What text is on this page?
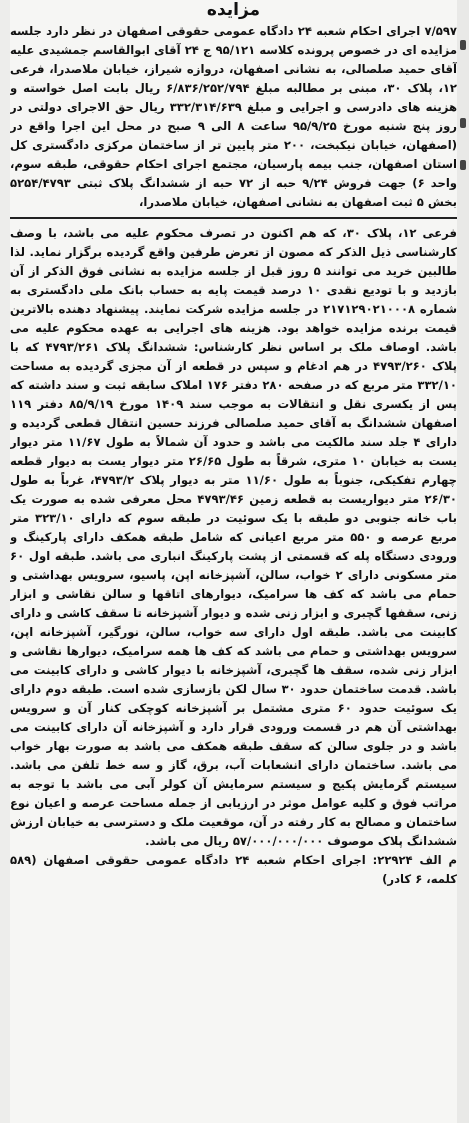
مزایده

۷/۵۹۷ اجرای احکام شعبه ۲۴ دادگاه عمومی حقوقی اصفهان در نظر دارد جلسه مزایده ای در خصوص پرونده کلاسه ۹۵/۱۲۱ ج ۲۴ آقای ابوالقاسم جمشیدی علیه آقای حمید صلصالی، به نشانی اصفهان، دروازه شیراز، خیابان ملاصدرا، فرعی ۱۲، پلاک ۳۰، مبنی بر مطالبه مبلغ ۶/۸۳۶/۲۵۲/۷۹۴ ریال بابت اصل خواسته و هزینه های دادرسی و اجرایی و مبلغ ۳۳۲/۳۱۴/۶۳۹ ریال حق الاجرای دولتی در روز پنج شنبه مورخ ۹۵/۹/۲۵ ساعت ۸ الی ۹ صبح در محل این اجرا واقع در (اصفهان، خیابان نیکبخت، ۲۰۰ متر پایین تر از ساختمان مرکزی دادگستری کل استان اصفهان، جنب بیمه پارسیان، مجتمع اجرای احکام حقوقی، طبقه سوم، واحد ۶) جهت فروش ۹/۲۴ حبه از ۷۲ حبه از ششدانگ پلاک ثبتی ۵۲۵۴/۴۷۹۳ بخش ۵ ثبت اصفهان به نشانی اصفهان، خیابان ملاصدرا،

فرعی ۱۲، پلاک ۳۰، که هم اکنون در تصرف محکوم علیه می باشد، با وصف کارشناسی ذیل الذکر که مصون از تعرض طرفین واقع گردیده برگزار نماید. لذا طالبین خرید می توانند ۵ روز قبل از جلسه مزایده به نشانی فوق الذکر از آن بازدید و با تودیع نقدی ۱۰ درصد قیمت پایه به حساب بانک ملی دادگستری به شماره ۲۱۷۱۲۹۰۲۱۰۰۰۸ در جلسه مزایده شرکت نمایند. پیشنهاد دهنده بالاترین قیمت برنده مزایده خواهد بود. هزینه های اجرایی به عهده محکوم علیه می باشد. اوصاف ملک بر اساس نظر کارشناس: ششدانگ پلاک ۴۷۹۳/۲۶۱ که با پلاک ۴۷۹۳/۲۶۰ در هم ادغام و سپس در قطعه از آن مجزی گردیده به مساحت ۳۳۲/۱۰ متر مربع که در صفحه ۲۸۰ دفتر ۱۷۶ املاک سابقه ثبت و سند داشته که پس از یکسری نقل و انتقالات به موجب سند ۱۴۰۹ مورخ ۸۵/۹/۱۹ دفتر ۱۱۹ اصفهان ششدانگ به آقای حمید صلصالی فرزند حسین انتقال قطعی گردیده و دارای ۴ جلد سند مالکیت می باشد و حدود آن شمالاً به طول ۱۱/۶۷ متر دیوار یست به خیابان ۱۰ متری، شرقاً به طول ۲۶/۶۵ متر دیوار یست به دیوار قطعه چهارم تفکیکی، جنوباً به طول ۱۱/۶۰ متر به دیوار پلاک ۴۷۹۳/۲، غرباً به طول ۲۶/۳۰ متر دیواریست به قطعه زمین ۴۷۹۳/۴۶ محل معرفی شده به صورت یک باب خانه جنوبی دو طبقه با یک سوئیت در طبقه سوم که دارای ۳۲۳/۱۰ متر مربع عرصه و ۵۵۰ متر مربع اعیانی که شامل طبقه همکف دارای پارکینگ و ورودی دستگاه پله که قسمتی از پشت پارکینگ انباری می باشد. طبقه اول ۶۰ متر مسکونی دارای ۲ خواب، سالن، آشپزخانه اپن، پاسیو، سرویس بهداشتی و حمام می باشد که کف ها سرامیک، دیوارهای اتاقها و سالن نقاشی و ابزار زنی، سقفها گچبری و ابزار زنی شده و دیوار آشپزخانه تا سقف کاشی و دارای کابینت می باشد. طبقه اول دارای سه خواب، سالن، نورگیر، آشپزخانه اپن، سرویس بهداشتی و حمام می باشد که کف ها همه سرامیک، دیوارها نقاشی و ابزار زنی شده، سقف ها گچبری، آشپزخانه با دیوار کاشی و دارای کابینت می باشد. قدمت ساختمان حدود ۳۰ سال لکن بازسازی شده است. طبقه دوم دارای یک سوئیت حدود ۶۰ متری مشتمل بر آشپزخانه کوچکی کنار آن و سرویس بهداشتی آن هم در قسمت ورودی قرار دارد و آشپزخانه آن دارای کابینت می باشد و در جلوی سالن که سقف طبقه همکف می باشد به صورت بهار خواب می باشد. ساختمان دارای انشعابات آب، برق، گاز و سه خط تلفن می باشد. سیستم گرمایش پکیج و سیستم سرمایش آن کولر آبی می باشد با توجه به مراتب فوق و کلیه عوامل موثر در ارزیابی از جمله مساحت عرصه و اعیان نوع ساختمان و مصالح به کار رفته در آن، موقعیت ملک و دسترسی به خیابان ارزش ششدانگ پلاک موصوف ۵۷/۰۰۰/۰۰۰/۰۰۰ ریال می باشد.

م الف ۲۲۹۲۴: اجرای احکام شعبه ۲۴ دادگاه عمومی حقوقی اصفهان (۵۸۹ کلمه، ۶ کادر)
